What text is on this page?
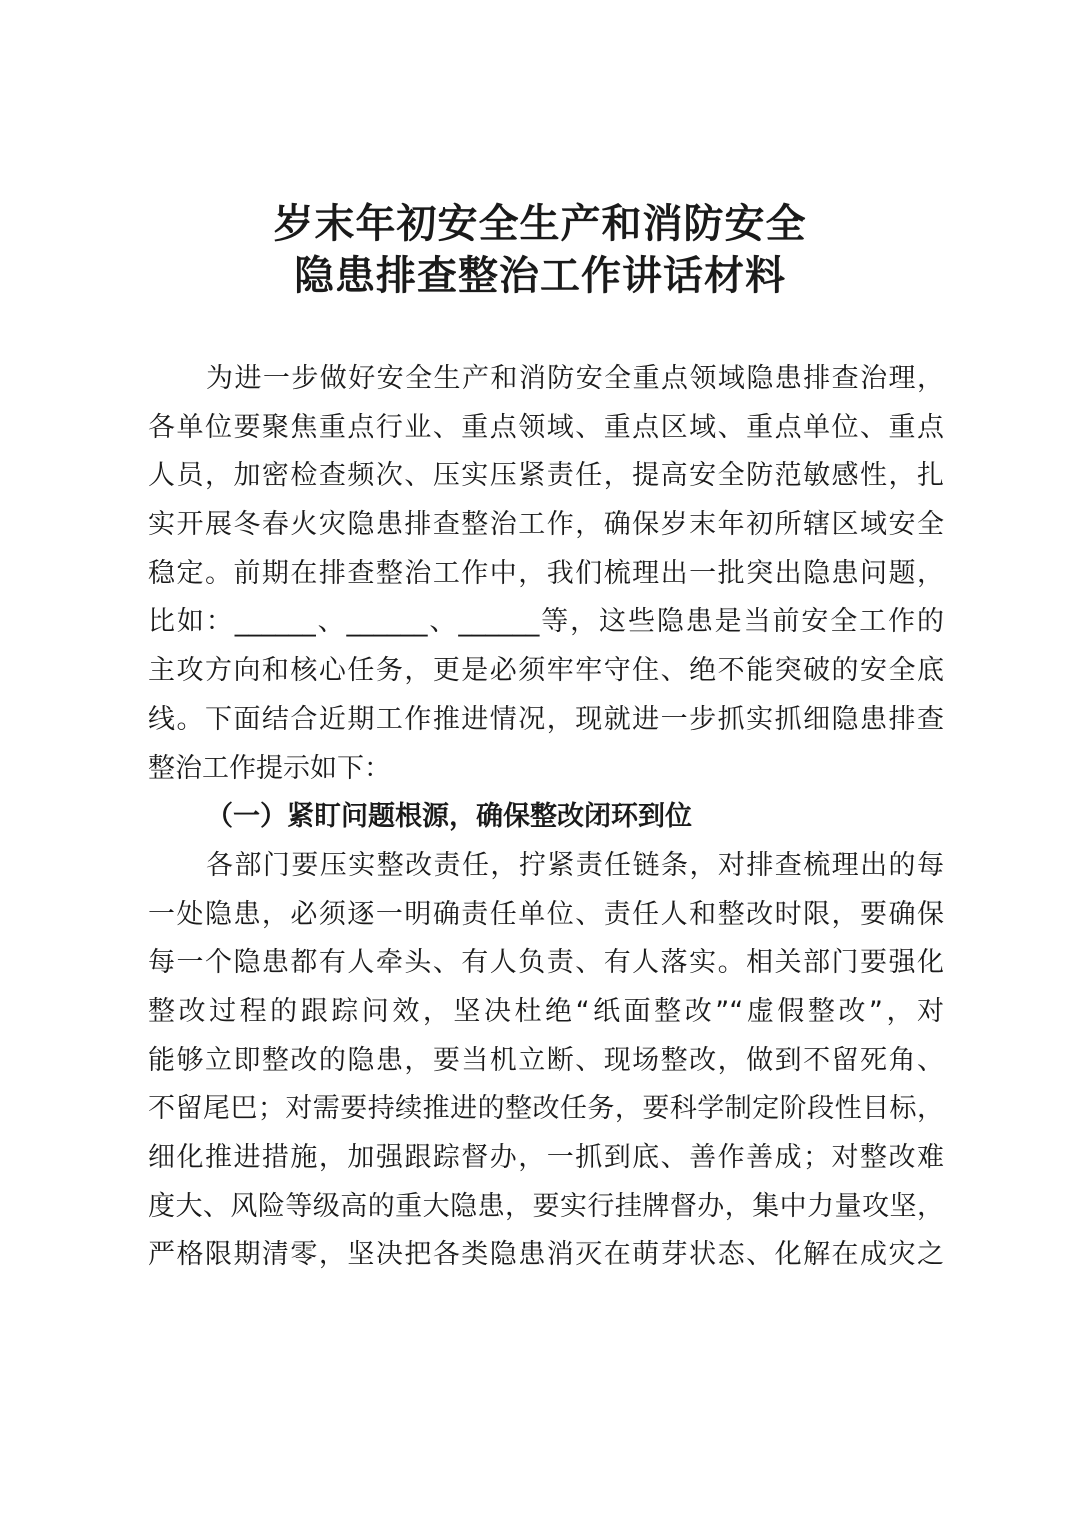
岁末年初安全生产和消防安全
隐患排查整治工作讲话材料
为进一步做好安全生产和消防安全重点领域隐患排查治理，
各单位要聚焦重点行业、重点领域、重点区域、重点单位、重点
人员，加密检查频次、压实压紧责任，提高安全防范敏感性，扎
实开展冬春火灾隐患排查整治工作，确保岁末年初所辖区域安全
稳定。前期在排查整治工作中，我们梳理出一批突出隐患问题，
比如：______、______、______等，这些隐患是当前安全工作的
主攻方向和核心任务，更是必须牢牢守住、绝不能突破的安全底
线。下面结合近期工作推进情况，现就进一步抓实抓细隐患排查
整治工作提示如下：
（一）紧盯问题根源，确保整改闭环到位
各部门要压实整改责任，拧紧责任链条，对排查梳理出的每
一处隐患，必须逐一明确责任单位、责任人和整改时限，要确保
每一个隐患都有人牵头、有人负责、有人落实。相关部门要强化
整改过程的跟踪问效，坚决杜绝“纸面整改”“虚假整改”，对
能够立即整改的隐患，要当机立断、现场整改，做到不留死角、
不留尾巴；对需要持续推进的整改任务，要科学制定阶段性目标，
细化推进措施，加强跟踪督办，一抓到底、善作善成；对整改难
度大、风险等级高的重大隐患，要实行挂牌督办，集中力量攻坚，
严格限期清零，坚决把各类隐患消灭在萌芽状态、化解在成灾之
